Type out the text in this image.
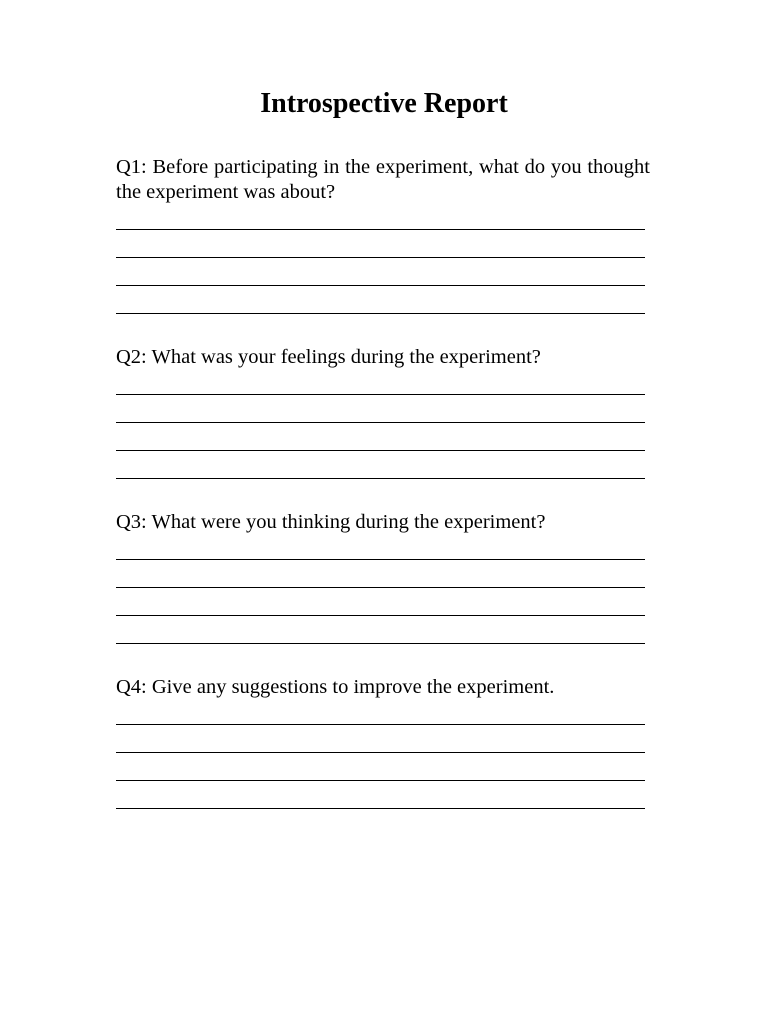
Introspective Report

Q1: Before participating in the experiment, what do you thought the experiment was about?

Q2: What was your feelings during the experiment?

Q3: What were you thinking during the experiment?

Q4: Give any suggestions to improve the experiment.
